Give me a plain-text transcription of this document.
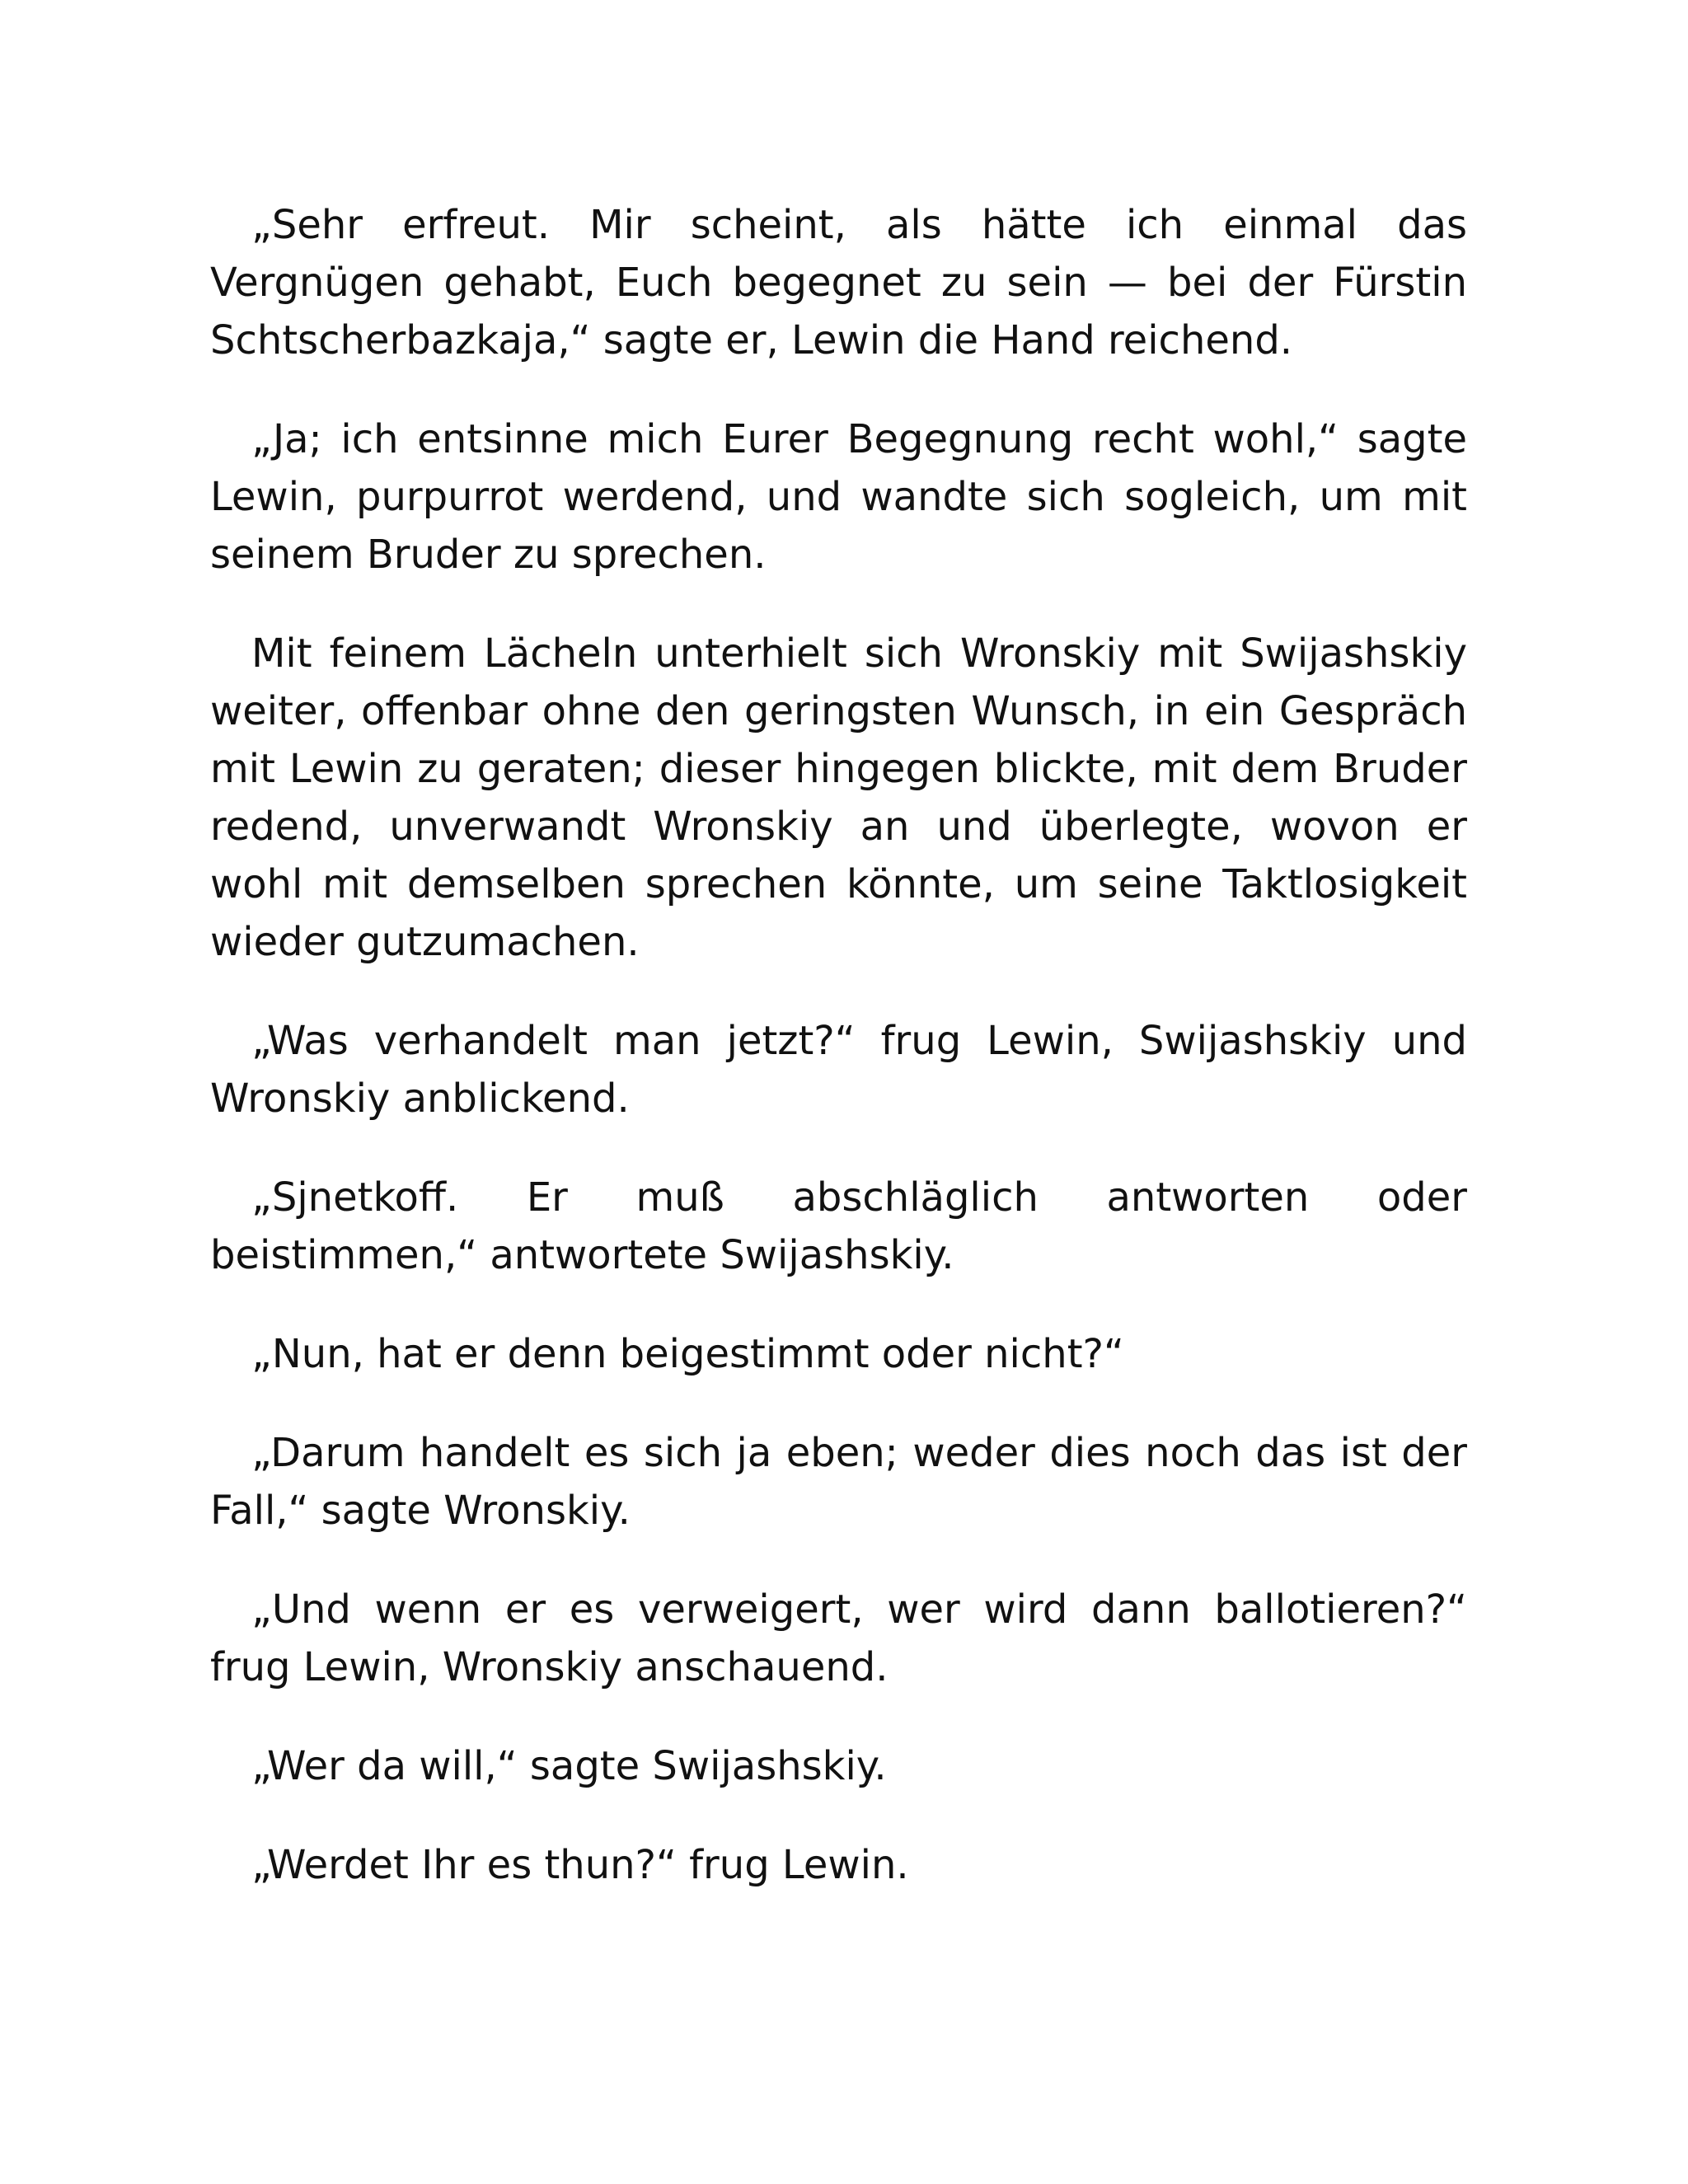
„Sehr erfreut. Mir scheint, als hätte ich einmal das Vergnügen gehabt, Euch begegnet zu sein — bei der Fürstin Schtscherbazkaja,“ sagte er, Lewin die Hand reichend.

„Ja; ich entsinne mich Eurer Begegnung recht wohl,“ sagte Lewin, purpurrot werdend, und wandte sich sogleich, um mit seinem Bruder zu sprechen.

Mit feinem Lächeln unterhielt sich Wronskiy mit Swijashskiy weiter, offenbar ohne den geringsten Wunsch, in ein Gespräch mit Lewin zu geraten; dieser hingegen blickte, mit dem Bruder redend, unverwandt Wronskiy an und überlegte, wovon er wohl mit demselben sprechen könnte, um seine Taktlosigkeit wieder gutzumachen.

„Was verhandelt man jetzt?“ frug Lewin, Swijashskiy und Wronskiy anblickend.

„Sjnetkoff. Er muß abschläglich antworten oder beistimmen,“ antwortete Swijashskiy.

„Nun, hat er denn beigestimmt oder nicht?“

„Darum handelt es sich ja eben; weder dies noch das ist der Fall,“ sagte Wronskiy.

„Und wenn er es verweigert, wer wird dann ballotieren?“ frug Lewin, Wronskiy anschauend.

„Wer da will,“ sagte Swijashskiy.

„Werdet Ihr es thun?“ frug Lewin.
